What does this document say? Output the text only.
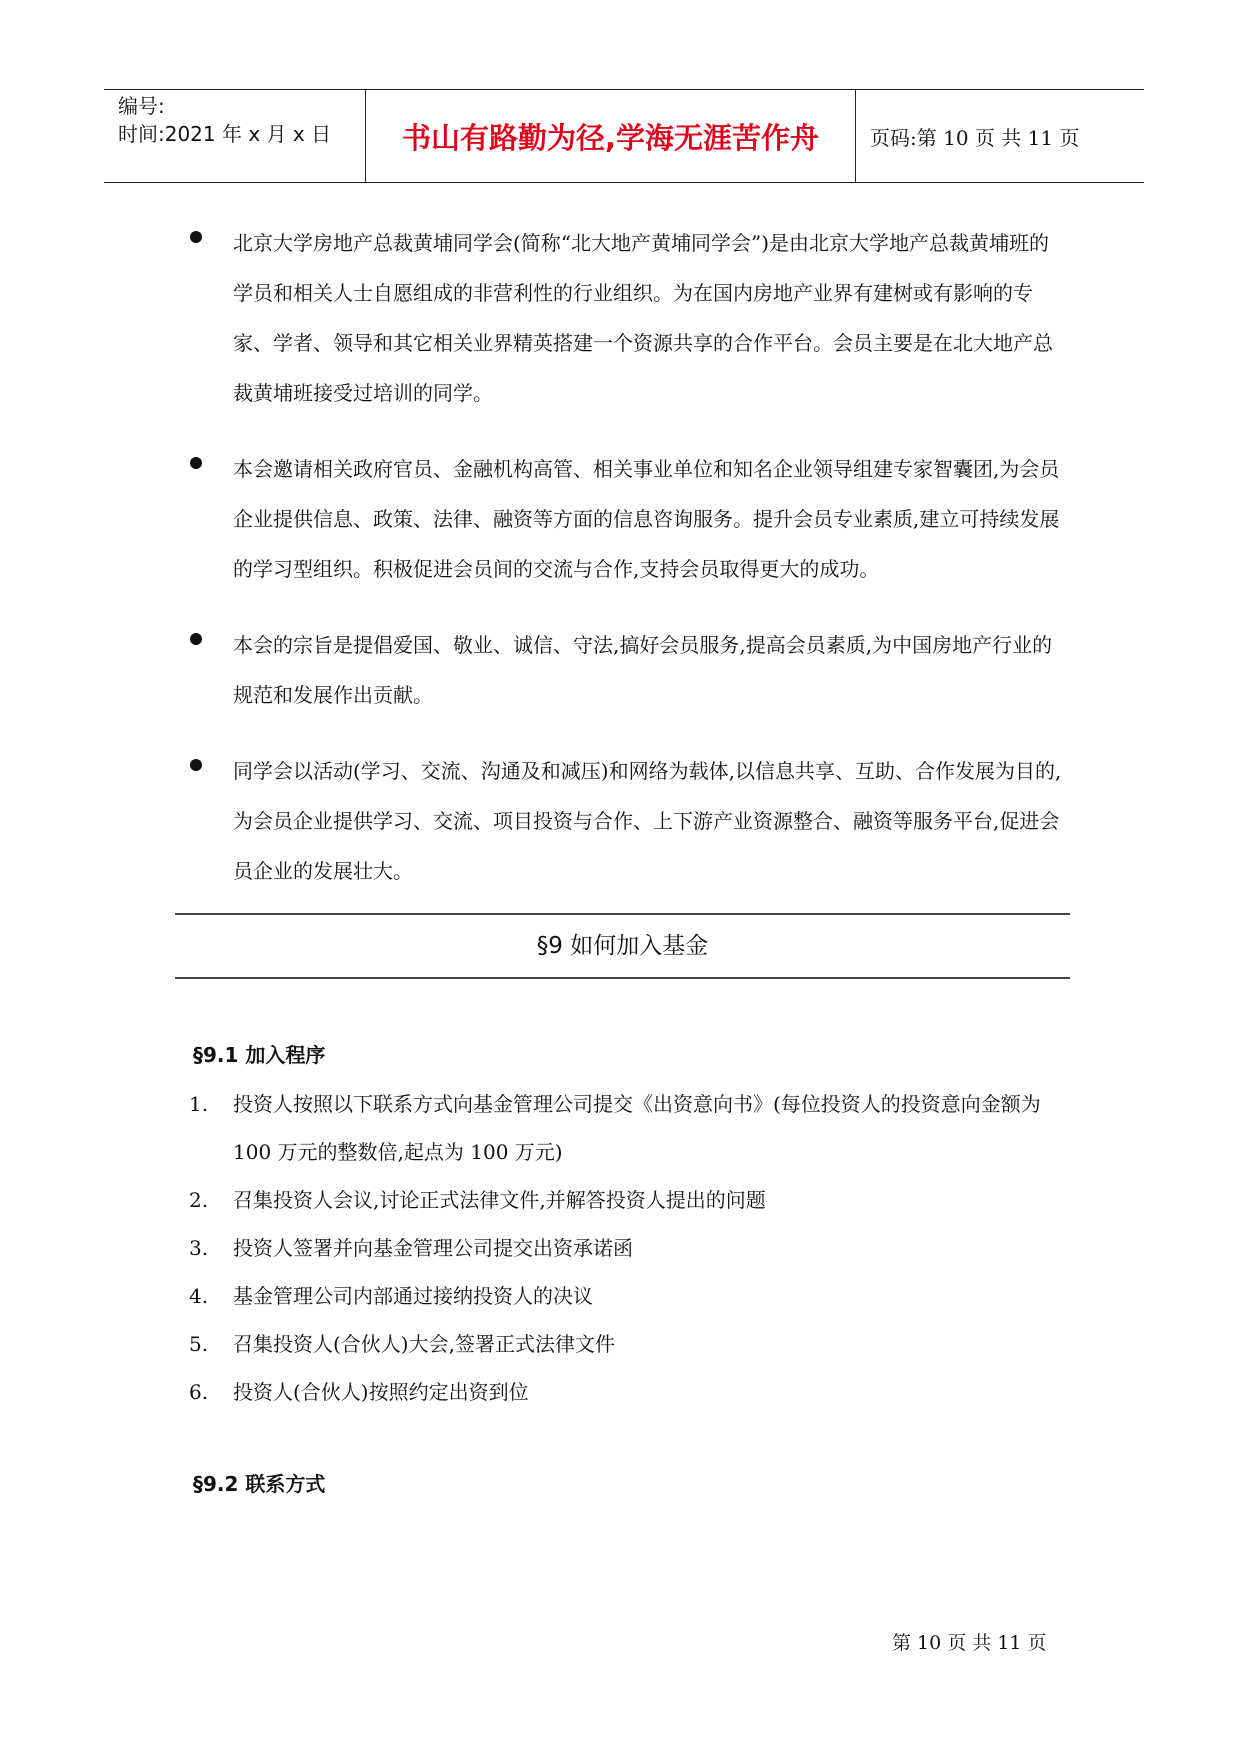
编号:
时间:2021 年 x 月 x 日	书山有路勤为径,学海无涯苦作舟	页码:第 10 页 共 11 页
北京大学房地产总裁黄埔同学会(简称“北大地产黄埔同学会”)是由北京大学地产总裁黄埔班的学员和相关人士自愿组成的非营利性的行业组织。为在国内房地产业界有建树或有影响的专家、学者、领导和其它相关业界精英搭建一个资源共享的合作平台。会员主要是在北大地产总裁黄埔班接受过培训的同学。
本会邀请相关政府官员、金融机构高管、相关事业单位和知名企业领导组建专家智囊团,为会员企业提供信息、政策、法律、融资等方面的信息咨询服务。提升会员专业素质,建立可持续发展的学习型组织。积极促进会员间的交流与合作,支持会员取得更大的成功。
本会的宗旨是提倡爱国、敬业、诚信、守法,搞好会员服务,提高会员素质,为中国房地产行业的规范和发展作出贡献。
同学会以活动(学习、交流、沟通及和减压)和网络为载体,以信息共享、互助、合作发展为目的,为会员企业提供学习、交流、项目投资与合作、上下游产业资源整合、融资等服务平台,促进会员企业的发展壮大。
§9 如何加入基金
§9.1 加入程序
1. 投资人按照以下联系方式向基金管理公司提交《出资意向书》(每位投资人的投资意向金额为 100 万元的整数倍,起点为 100 万元)
2. 召集投资人会议,讨论正式法律文件,并解答投资人提出的问题
3. 投资人签署并向基金管理公司提交出资承诺函
4. 基金管理公司内部通过接纳投资人的决议
5. 召集投资人(合伙人)大会,签署正式法律文件
6. 投资人(合伙人)按照约定出资到位
§9.2 联系方式
第 10 页 共 11 页
